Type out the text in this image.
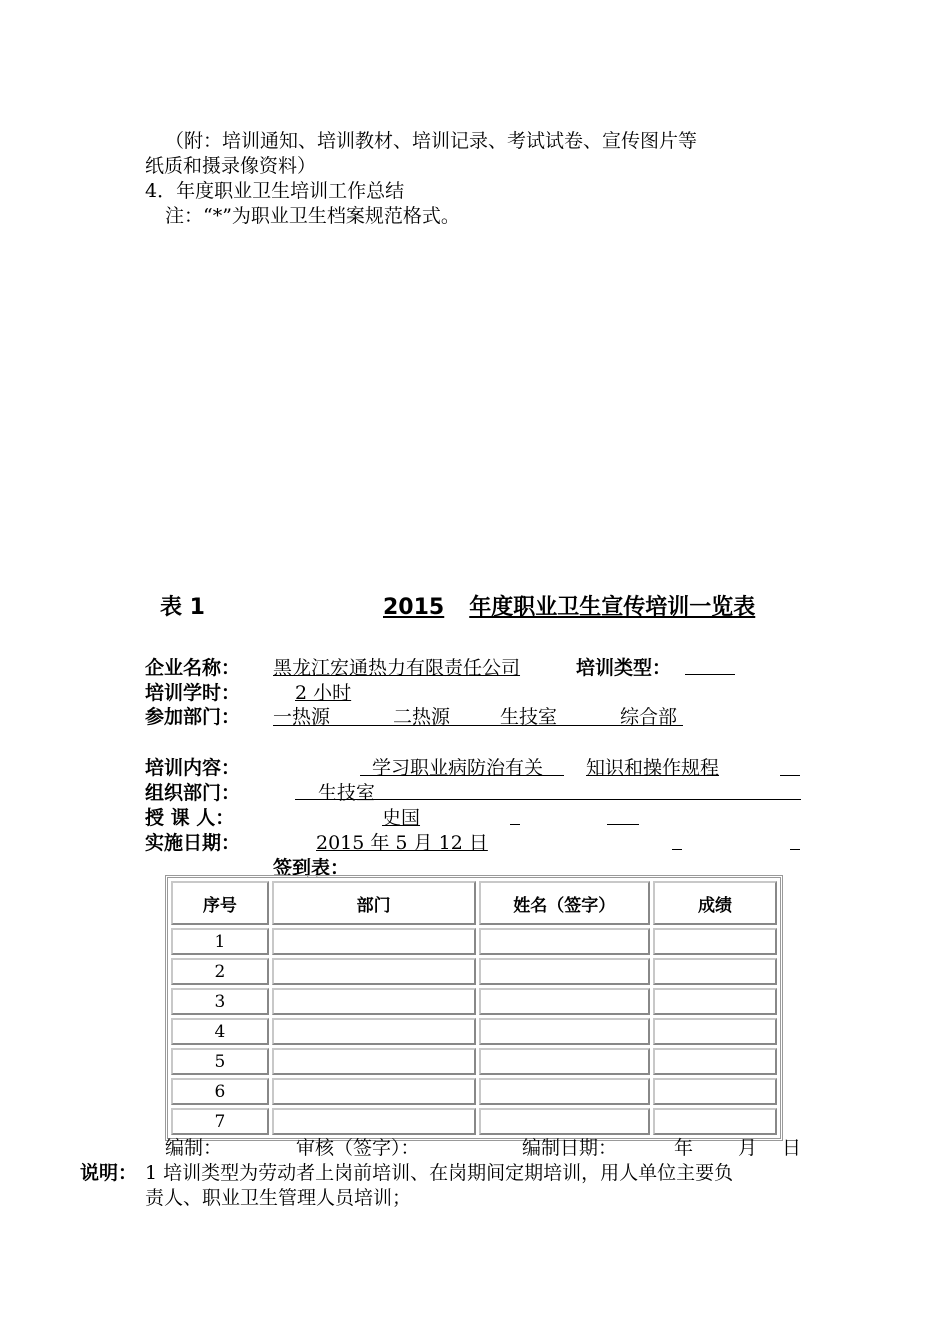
（附：培训通知、培训教材、培训记录、考试试卷、宣传图片等
纸质和摄录像资料）
4．年度职业卫生培训工作总结
注：“*”为职业卫生档案规范格式。
表 1	2015 年度职业卫生宣传培训一览表
企业名称： 黑龙江宏通热力有限责任公司	培训类型：
培训学时：	2 小时
参加部门： 一热源	二热源	生技室	综合部
培训内容：	学习职业病防治有关 知识和操作规程
组织部门：	生技室
授 课 人：	史国
实施日期：	2015 年 5 月 12 日
签到表：
序号	部门	姓名（签字）	成绩
1			
2			
3			
4			
5			
6			
7			
编制：	审核（签字）：	编制日期：	年 月 日
说明： 1 培训类型为劳动者上岗前培训、在岗期间定期培训，用人单位主要负
责人、职业卫生管理人员培训；
